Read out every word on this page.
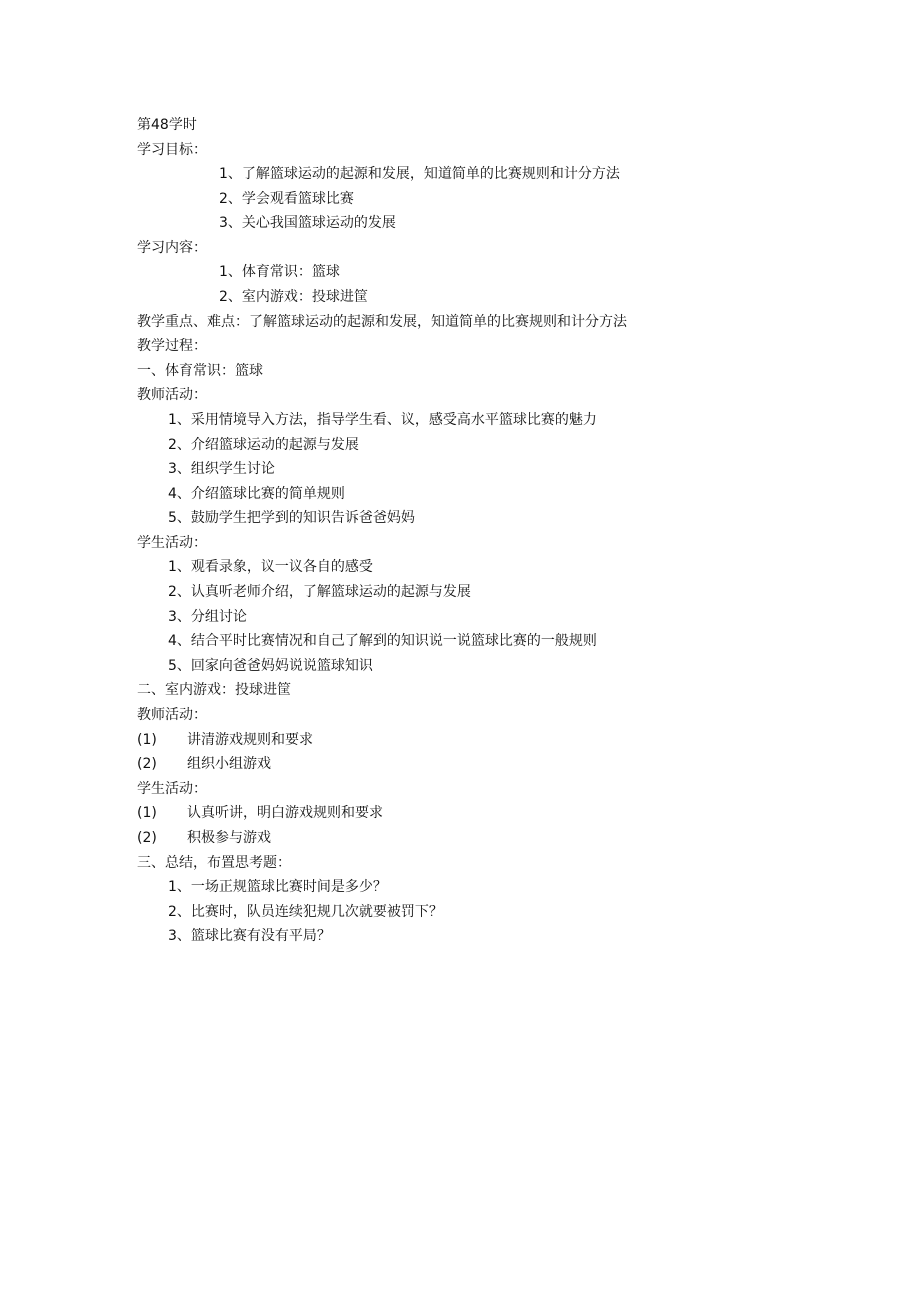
第48学时
学习目标：
1、了解篮球运动的起源和发展，知道简单的比赛规则和计分方法
2、学会观看篮球比赛
3、关心我国篮球运动的发展
学习内容：
1、体育常识：篮球
2、室内游戏：投球进筐
教学重点、难点：了解篮球运动的起源和发展，知道简单的比赛规则和计分方法
教学过程：
一、体育常识：篮球
教师活动：
1、采用情境导入方法，指导学生看、议，感受高水平篮球比赛的魅力
2、介绍篮球运动的起源与发展
3、组织学生讨论
4、介绍篮球比赛的简单规则
5、鼓励学生把学到的知识告诉爸爸妈妈
学生活动：
1、观看录象，议一议各自的感受
2、认真听老师介绍，了解篮球运动的起源与发展
3、分组讨论
4、结合平时比赛情况和自己了解到的知识说一说篮球比赛的一般规则
5、回家向爸爸妈妈说说篮球知识
二、室内游戏：投球进筐
教师活动：
(1) 讲清游戏规则和要求
(2) 组织小组游戏
学生活动：
(1) 认真听讲，明白游戏规则和要求
(2) 积极参与游戏
三、总结，布置思考题：
1、一场正规篮球比赛时间是多少？
2、比赛时，队员连续犯规几次就要被罚下？
3、篮球比赛有没有平局？
